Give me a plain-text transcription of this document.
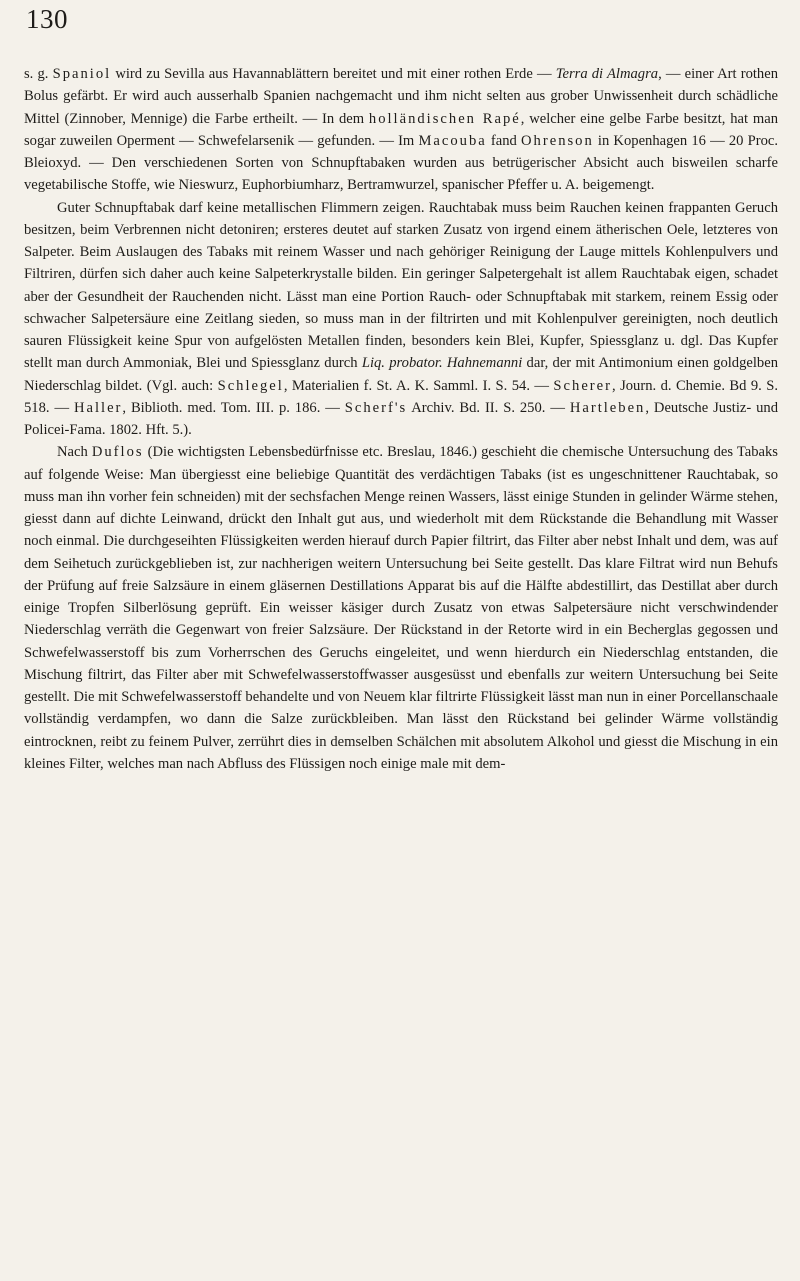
130

s. g. Spaniol wird zu Sevilla aus Havannablättern bereitet und mit einer rothen Erde — Terra di Almagra, — einer Art rothen Bolus gefärbt. Er wird auch ausserhalb Spanien nachgemacht und ihm nicht selten aus grober Unwissenheit durch schädliche Mittel (Zinnober, Mennige) die Farbe ertheilt. — In dem holländischen Rapé, welcher eine gelbe Farbe besitzt, hat man sogar zuweilen Operment — Schwefelarsenik — gefunden. — Im Macouba fand Ohrenson in Kopenhagen 16 — 20 Proc. Bleioxyd. — Den verschiedenen Sorten von Schnupftabaken wurden aus betrügerischer Absicht auch bisweilen scharfe vegetabilische Stoffe, wie Nieswurz, Euphorbiumharz, Bertramwurzel, spanischer Pfeffer u. A. beigemengt.

Guter Schnupftabak darf keine metallischen Flimmern zeigen. Rauchtabak muss beim Rauchen keinen frappanten Geruch besitzen, beim Verbrennen nicht detoniren; ersteres deutet auf starken Zusatz von irgend einem ätherischen Oele, letzteres von Salpeter. Beim Auslaugen des Tabaks mit reinem Wasser und nach gehöriger Reinigung der Lauge mittels Kohlenpulvers und Filtriren, dürfen sich daher auch keine Salpeterkrystalle bilden. Ein geringer Salpetergehalt ist allem Rauchtabak eigen, schadet aber der Gesundheit der Rauchenden nicht. Lässt man eine Portion Rauch- oder Schnupftabak mit starkem, reinem Essig oder schwacher Salpetersäure eine Zeitlang sieden, so muss man in der filtrirten und mit Kohlenpulver gereinigten, noch deutlich sauren Flüssigkeit keine Spur von aufgelösten Metallen finden, besonders kein Blei, Kupfer, Spiessglanz u. dgl. Das Kupfer stellt man durch Ammoniak, Blei und Spiessglanz durch Liq. probator. Hahnemanni dar, der mit Antimonium einen goldgelben Niederschlag bildet. (Vgl. auch: Schlegel, Materialien f. St. A. K. Samml. I. S. 54. — Scherer, Journ. d. Chemie. Bd 9. S. 518. — Haller, Biblioth. med. Tom. III. p. 186. — Scherf's Archiv. Bd. II. S. 250. — Hartleben, Deutsche Justiz- und Policei-Fama. 1802. Hft. 5.).

Nach Duflos (Die wichtigsten Lebensbedürfnisse etc. Breslau, 1846.) geschieht die chemische Untersuchung des Tabaks auf folgende Weise: Man übergiesst eine beliebige Quantität des verdächtigen Tabaks (ist es ungeschnittener Rauchtabak, so muss man ihn vorher fein schneiden) mit der sechsfachen Menge reinen Wassers, lässt einige Stunden in gelinder Wärme stehen, giesst dann auf dichte Leinwand, drückt den Inhalt gut aus, und wiederholt mit dem Rückstande die Behandlung mit Wasser noch einmal. Die durchgeseihten Flüssigkeiten werden hierauf durch Papier filtrirt, das Filter aber nebst Inhalt und dem, was auf dem Seihetuch zurückgeblieben ist, zur nachherigen weitern Untersuchung bei Seite gestellt. Das klare Filtrat wird nun Behufs der Prüfung auf freie Salzsäure in einem gläsernen Destillations Apparat bis auf die Hälfte abdestillirt, das Destillat aber durch einige Tropfen Silberlösung geprüft. Ein weisser käsiger durch Zusatz von etwas Salpetersäure nicht verschwindender Niederschlag verräth die Gegenwart von freier Salzsäure. Der Rückstand in der Retorte wird in ein Becherglas gegossen und Schwefelwasserstoff bis zum Vorherrschen des Geruchs eingeleitet, und wenn hierdurch ein Niederschlag entstanden, die Mischung filtrirt, das Filter aber mit Schwefelwasserstoffwasser ausgesüsst und ebenfalls zur weitern Untersuchung bei Seite gestellt. Die mit Schwefelwasserstoff behandelte und von Neuem klar filtrirte Flüssigkeit lässt man nun in einer Porcellanschaale vollständig verdampfen, wo dann die Salze zurückbleiben. Man lässt den Rückstand bei gelinder Wärme vollständig eintrocknen, reibt zu feinem Pulver, zerrührt dies in demselben Schälchen mit absolutem Alkohol und giesst die Mischung in ein kleines Filter, welches man nach Abfluss des Flüssigen noch einige male mit dem-
